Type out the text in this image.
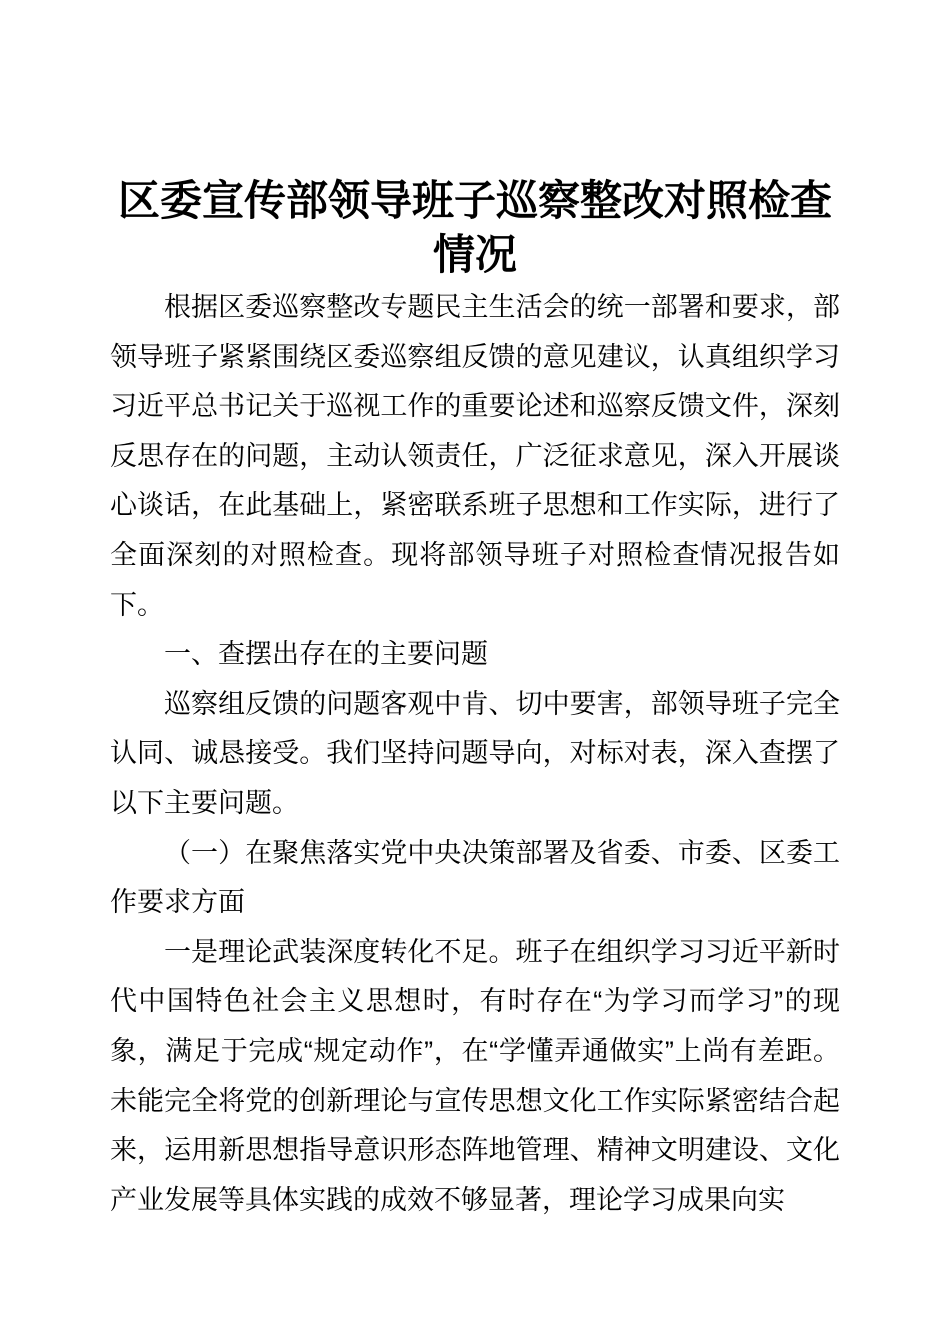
区委宣传部领导班子巡察整改对照检查情况

根据区委巡察整改专题民主生活会的统一部署和要求，部领导班子紧紧围绕区委巡察组反馈的意见建议，认真组织学习习近平总书记关于巡视工作的重要论述和巡察反馈文件，深刻反思存在的问题，主动认领责任，广泛征求意见，深入开展谈心谈话，在此基础上，紧密联系班子思想和工作实际，进行了全面深刻的对照检查。现将部领导班子对照检查情况报告如下。

一、查摆出存在的主要问题

巡察组反馈的问题客观中肯、切中要害，部领导班子完全认同、诚恳接受。我们坚持问题导向，对标对表，深入查摆了以下主要问题。

（一）在聚焦落实党中央决策部署及省委、市委、区委工作要求方面

一是理论武装深度转化不足。班子在组织学习习近平新时代中国特色社会主义思想时，有时存在“为学习而学习”的现象，满足于完成“规定动作”，在“学懂弄通做实”上尚有差距。未能完全将党的创新理论与宣传思想文化工作实际紧密结合起来，运用新思想指导意识形态阵地管理、精神文明建设、文化产业发展等具体实践的成效不够显著，理论学习成果向实
